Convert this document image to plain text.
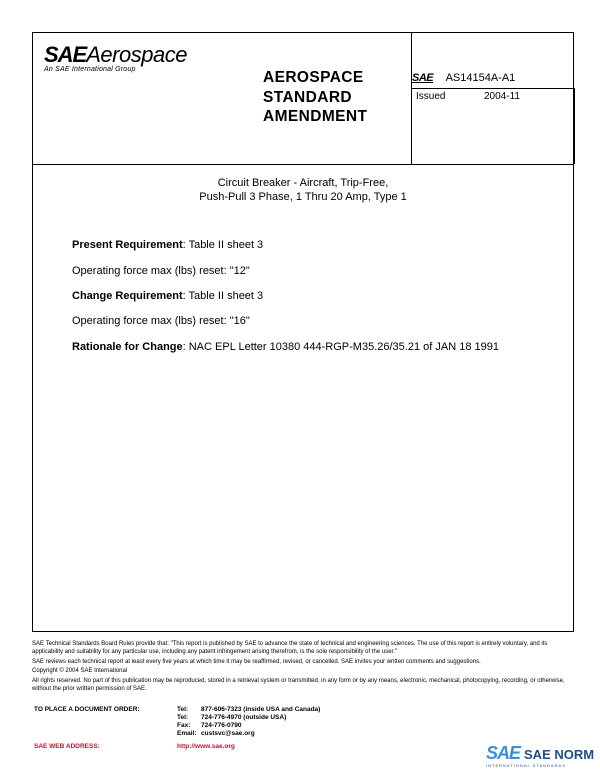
SAEAerospace
An SAE International Group	AEROSPACE
STANDARD
AMENDMENT
SAE AS14154A-A1
Issued	2004-11
Circuit Breaker - Aircraft, Trip-Free,
Push-Pull 3 Phase, 1 Thru 20 Amp, Type 1
Present Requirement: Table II sheet 3
Operating force max (lbs) reset: "12"
Change Requirement: Table II sheet 3
Operating force max (lbs) reset: "16"
Rationale for Change: NAC EPL Letter 10380 444-RGP-M35.26/35.21 of JAN 18 1991

SAE Technical Standards Board Rules provide that: "This report is published by SAE to advance the state of technical and engineering sciences. The use of this report is entirely voluntary, and its applicability and suitability for any particular use, including any patent infringement arising therefrom, is the sole responsibility of the user."

SAE reviews each technical report at least every five years at which time it may be reaffirmed, revised, or cancelled. SAE invites your written comments and suggestions.

Copyright © 2004 SAE International

All rights reserved. No part of this publication may be reproduced, stored in a retrieval system or transmitted, in any form or by any means, electronic, mechanical, photocopying, recording, or otherwise, without the prior written permission of SAE.

TO PLACE A DOCUMENT ORDER:	Tel: 877-606-7323 (inside USA and Canada)
Tel: 724-776-4970 (outside USA)
Fax: 724-776-0790
Email: custsvc@sae.org
SAE WEB ADDRESS:	http://www.sae.org	SAE SAE NORM
INTERNATIONAL STANDARDS
